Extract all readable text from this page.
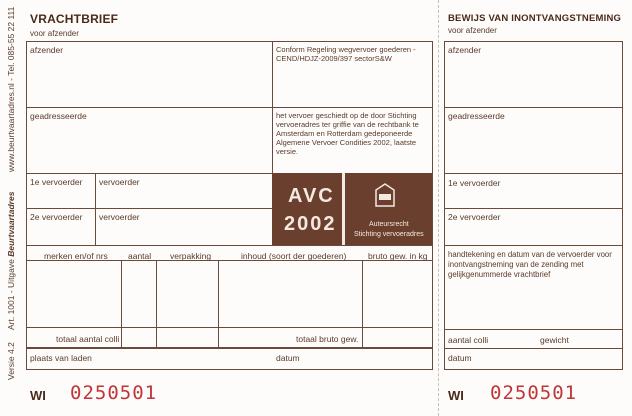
www.beurtvaartadres.nl - Tel. 085-55 22 111
Art. 1001 - Uitgave Beurtvaartadres
Versie 4.2
VRACHTBRIEF
voor afzender
afzender	Conform Regeling wegvervoer goederen - CEND/HDJZ-2009/397 sectorS&W
geadresseerde	het vervoer geschiedt op de door Stichting vervoeradres ter griffie van de rechtbank te Amsterdam en Rotterdam gedeponeerde Algemene Vervoer Condities 2002, laatste versie.
1e vervoerder vervoerder
2e vervoerder vervoerder
AVC
2002	Auteursrecht
Stichting vervoeradres
merken en/of nrs aantal verpakking	inhoud (soort der goederen)	bruto gew. in kg
totaal aantal colli	totaal bruto gew.
plaats van laden	datum
WI 0250501
BEWIJS VAN INONTVANGSTNEMING
voor afzender
afzender
geadresseerde
1e vervoerder
2e vervoerder
handtekening en datum van de vervoerder voor inontvangstneming van de zending met gelijkgenummerde vrachtbrief
aantal colli	gewicht
datum
WI 0250501
